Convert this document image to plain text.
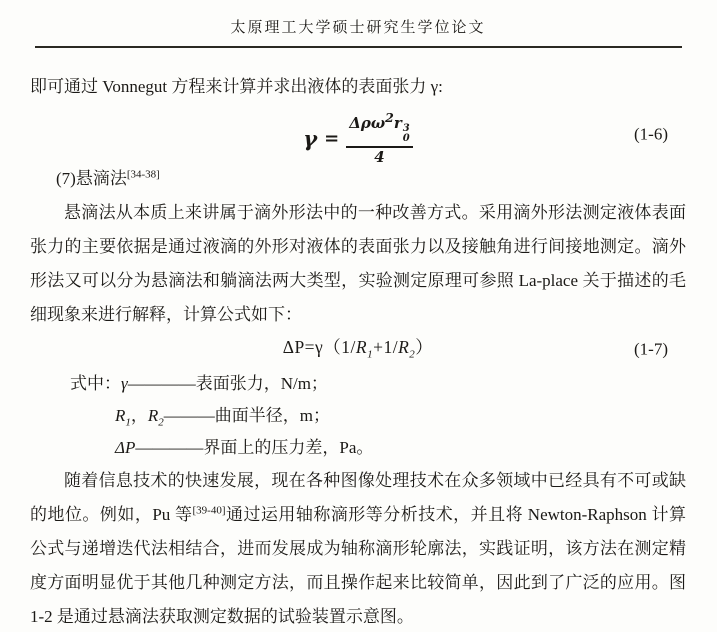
太原理工大学硕士研究生学位论文

即可通过 Vonnegut 方程来计算并求出液体的表面张力 γ:

γ = Δρω$^2$r 3
0
4	(1-6)

(7)悬滴法[34-38]

悬滴法从本质上来讲属于滴外形法中的一种改善方式。采用滴外形法测定液体表面张力的主要依据是通过液滴的外形对液体的表面张力以及接触角进行间接地测定。滴外形法又可以分为悬滴法和躺滴法两大类型，实验测定原理可参照 La-place 关于描述的毛细现象来进行解释，计算公式如下：

$\Delta P=\gamma(1/R_1+1/R_2)$	(1-7)

式中：γ————表面张力，N/m；

$R_1$，$R_2———$曲面半径，m；

ΔP————界面上的压力差，Pa。

随着信息技术的快速发展，现在各种图像处理技术在众多领域中已经具有不可或缺的地位。例如，Pu 等[39-40]通过运用轴称滴形等分析技术，并且将 Newton-Raphson 计算公式与递增迭代法相结合，进而发展成为轴称滴形轮廓法，实践证明，该方法在测定精度方面明显优于其他几种测定方法，而且操作起来比较简单，因此到了广泛的应用。图 1-2 是通过悬滴法获取测定数据的试验装置示意图。
